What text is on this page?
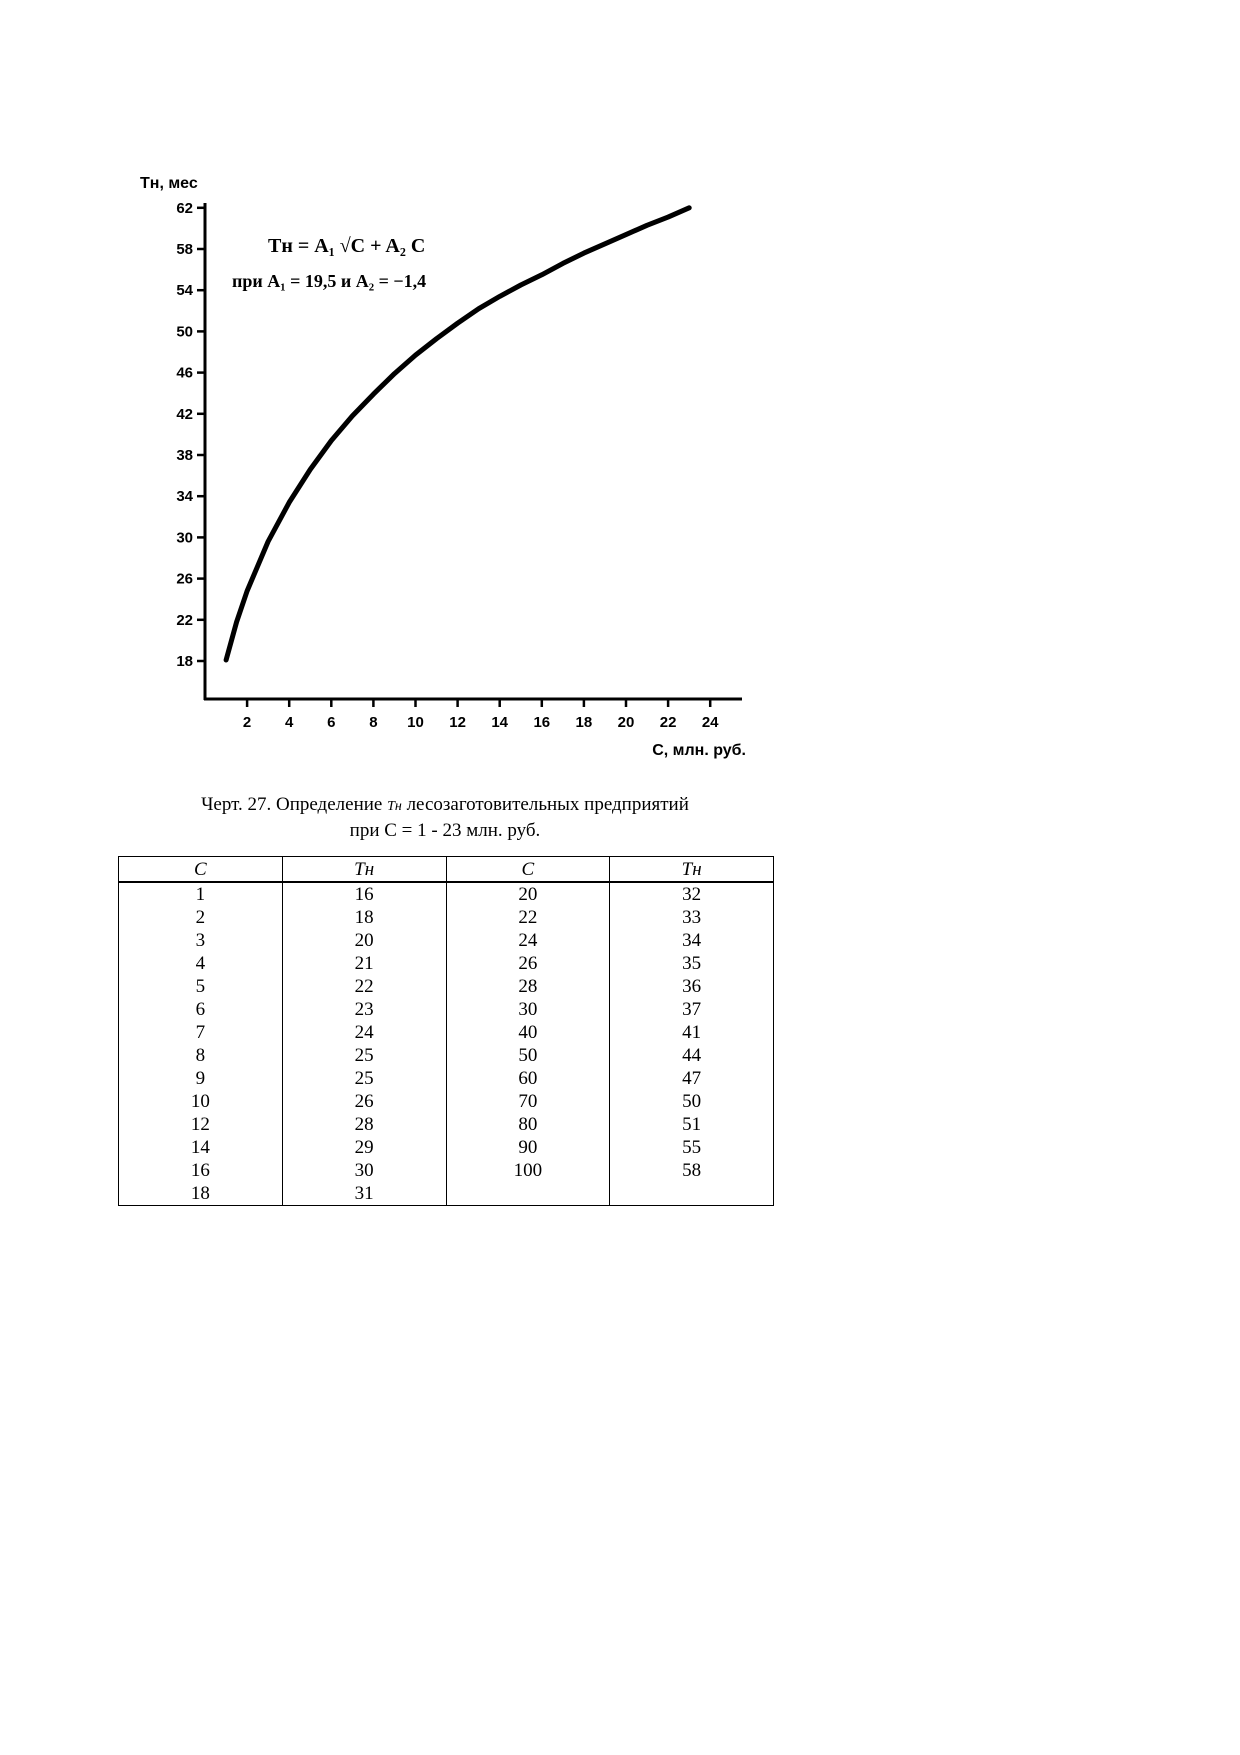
Tн, мес
C, млн. руб.
Tн = A₁ √C + A₂ C
при A₁ = 19,5 и A₂ = −1,4
18
22
26
30
34
38
42
46
50
54
58
62
2 4 6 8 10 12 14 16 18 20 22 24
Черт. 27. Определение Tн лесозаготовительных предприятий
при С = 1 - 23 млн. руб.
C	Tн	C	Tн
1	16	20	32
2	18	22	33
3	20	24	34
4	21	26	35
5	22	28	36
6	23	30	37
7	24	40	41
8	25	50	44
9	25	60	47
10	26	70	50
12	28	80	51
14	29	90	55
16	30	100	58
18	31		
